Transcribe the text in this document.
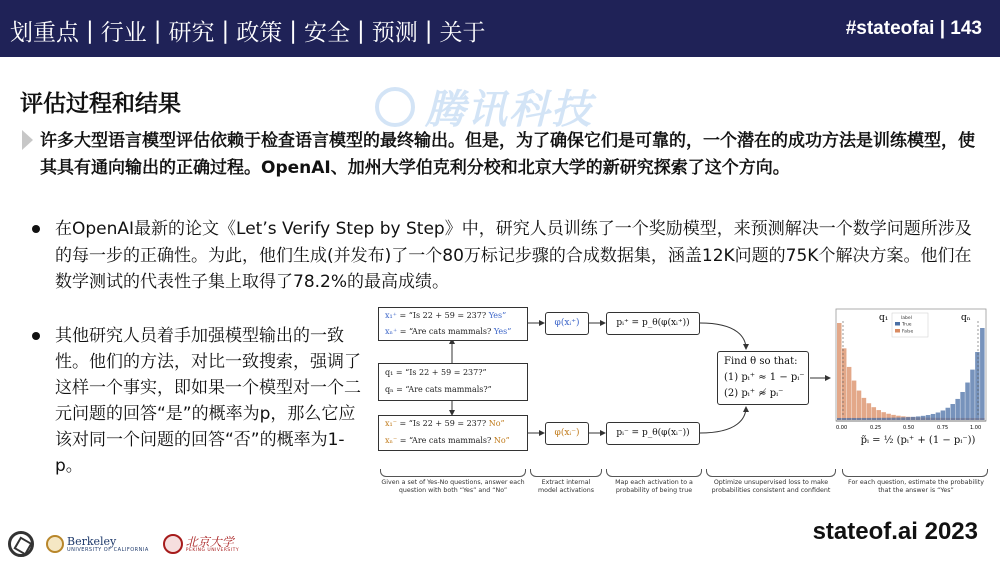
划重点 | 行业 | 研究 | 政策 | 安全 | 预测 | 关于	#stateofai | 143
评估过程和结果	腾讯科技
许多大型语言模型评估依赖于检查语言模型的最终输出。但是，为了确保它们是可靠的，一个潜在的成功方法是训练模型，使其具有通向输出的正确过程。OpenAI、加州大学伯克利分校和北京大学的新研究探索了这个方向。
在OpenAI最新的论文《Let’s Verify Step by Step》中，研究人员训练了一个奖励模型，来预测解决一个数学问题所涉及的每一步的正确性。为此，他们生成(并发布)了一个80万标记步骤的合成数据集，涵盖12K问题的75K个解决方案。他们在数学测试的代表性子集上取得了78.2%的最高成绩。
其他研究人员着手加强模型输出的一致性。他们的方法，对比一致搜索，强调了这样一个事实，即如果一个模型对一个二元问题的回答“是”的概率为p，那么它应该对同一个问题的回答“否”的概率为1-p。
x₁⁺ = “Is 22 + 59 = 237? Yes”
xₙ⁺ = “Are cats mammals? Yes”
q₁ = “Is 22 + 59 = 237?”
qₙ = “Are cats mammals?”
x₁⁻ = “Is 22 + 59 = 237? No”
xₙ⁻ = “Are cats mammals? No”
φ(xᵢ⁺)
φ(xᵢ⁻)
pᵢ⁺ = p_θ(φ(xᵢ⁺))
pᵢ⁻ = p_θ(φ(xᵢ⁻))
Find θ so that:
(1) pᵢ⁺ ≈ 1 − pᵢ⁻
(2) pᵢ⁺ ≉ pᵢ⁻
q₁	qₙ
label
True
False
0.00	0.25	0.50	0.75	1.00
p̃ᵢ = ½ (pᵢ⁺ + (1 − pᵢ⁻))
Given a set of Yes-No questions, answer each question with both “Yes” and “No”
Extract internal model activations
Map each activation to a probability of being true
Optimize unsupervised loss to make probabilities consistent and confident
For each question, estimate the probability that the answer is “Yes”
Berkeley
UNIVERSITY OF CALIFORNIA
北京大学
PEKING UNIVERSITY
stateof.ai 2023
